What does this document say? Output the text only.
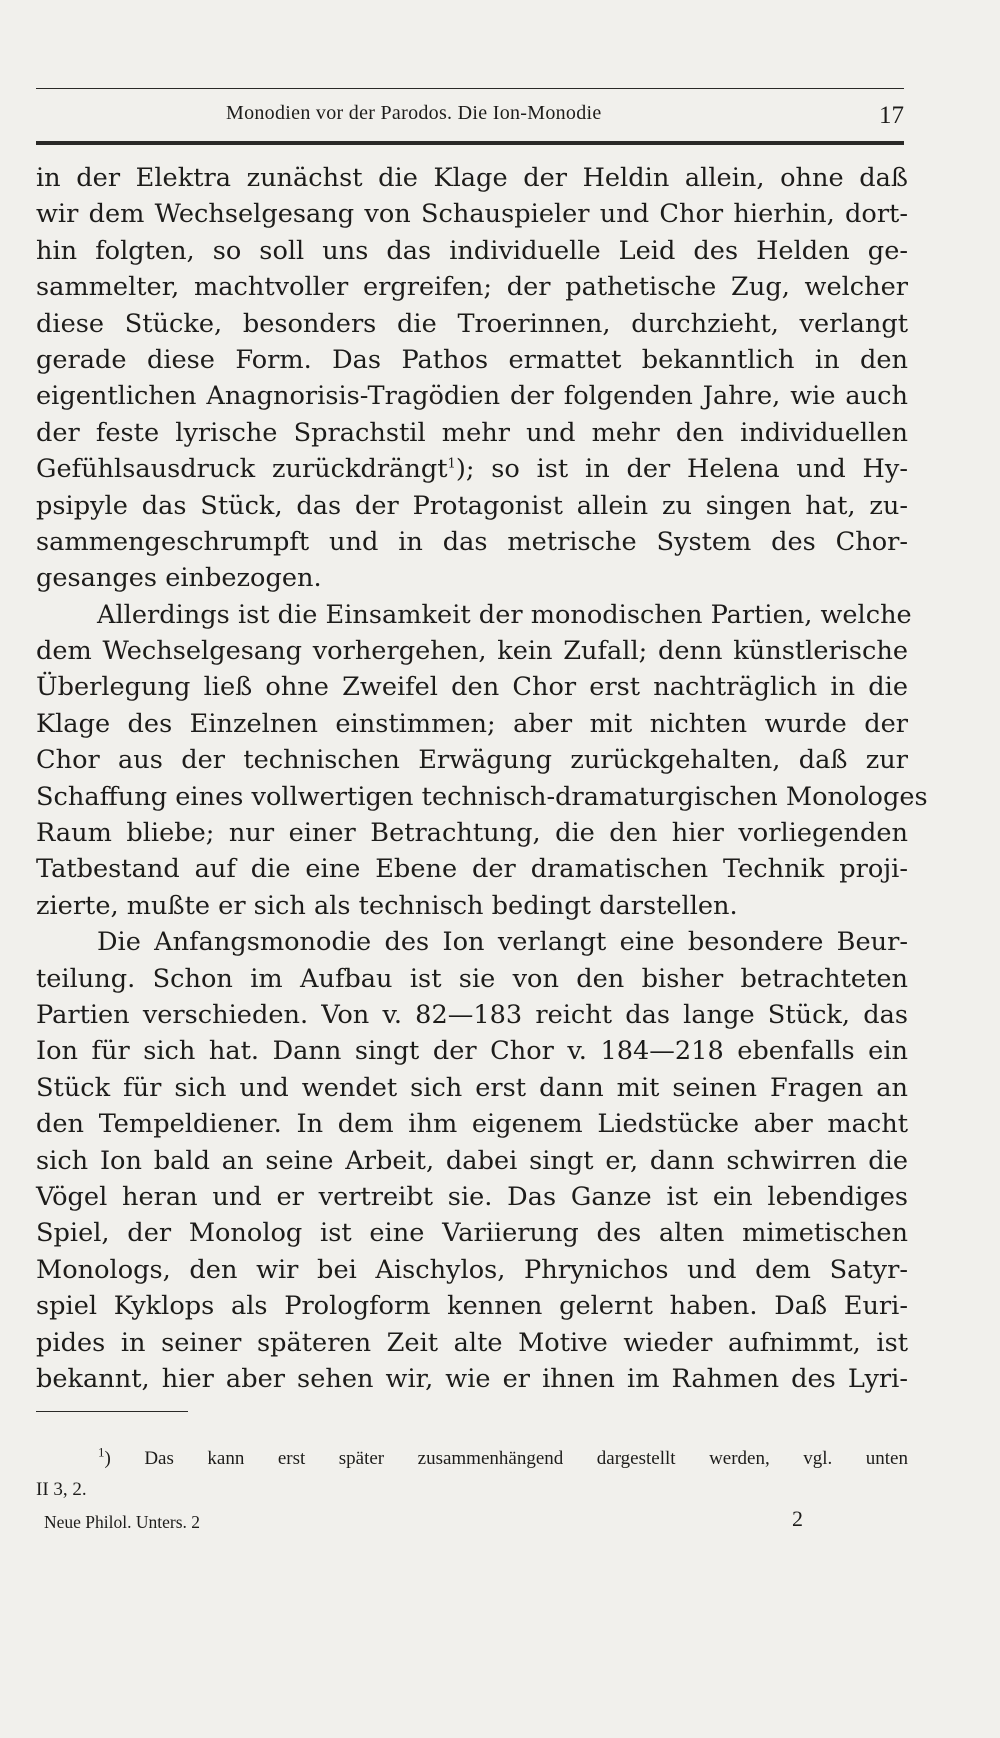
Monodien vor der Parodos. Die Ion-Monodie	17
in der Elektra zunächst die Klage der Heldin allein, ohne daß
wir dem Wechselgesang von Schauspieler und Chor hierhin, dort-
hin folgten, so soll uns das individuelle Leid des Helden ge-
sammelter, machtvoller ergreifen; der pathetische Zug, welcher
diese Stücke, besonders die Troerinnen, durchzieht, verlangt
gerade diese Form. Das Pathos ermattet bekanntlich in den
eigentlichen Anagnorisis-Tragödien der folgenden Jahre, wie auch
der feste lyrische Sprachstil mehr und mehr den individuellen
Gefühlsausdruck zurückdrängt$^1$); so ist in der Helena und Hy-
psipyle das Stück, das der Protagonist allein zu singen hat, zu-
sammengeschrumpft und in das metrische System des Chor-
gesanges einbezogen.
Allerdings ist die Einsamkeit der monodischen Partien, welche
dem Wechselgesang vorhergehen, kein Zufall; denn künstlerische
Überlegung ließ ohne Zweifel den Chor erst nachträglich in die
Klage des Einzelnen einstimmen; aber mit nichten wurde der
Chor aus der technischen Erwägung zurückgehalten, daß zur
Schaffung eines vollwertigen technisch-dramaturgischen Monologes
Raum bliebe; nur einer Betrachtung, die den hier vorliegenden
Tatbestand auf die eine Ebene der dramatischen Technik proji-
zierte, mußte er sich als technisch bedingt darstellen.
Die Anfangsmonodie des Ion verlangt eine besondere Beur-
teilung. Schon im Aufbau ist sie von den bisher betrachteten
Partien verschieden. Von v. 82—183 reicht das lange Stück, das
Ion für sich hat. Dann singt der Chor v. 184—218 ebenfalls ein
Stück für sich und wendet sich erst dann mit seinen Fragen an
den Tempeldiener. In dem ihm eigenem Liedstücke aber macht
sich Ion bald an seine Arbeit, dabei singt er, dann schwirren die
Vögel heran und er vertreibt sie. Das Ganze ist ein lebendiges
Spiel, der Monolog ist eine Variierung des alten mimetischen
Monologs, den wir bei Aischylos, Phrynichos und dem Satyr-
spiel Kyklops als Prologform kennen gelernt haben. Daß Euri-
pides in seiner späteren Zeit alte Motive wieder aufnimmt, ist
bekannt, hier aber sehen wir, wie er ihnen im Rahmen des Lyri-
$^1$) Das kann erst später zusammenhängend dargestellt werden, vgl. unten
II 3, 2.
Neue Philol. Unters. 2	2
